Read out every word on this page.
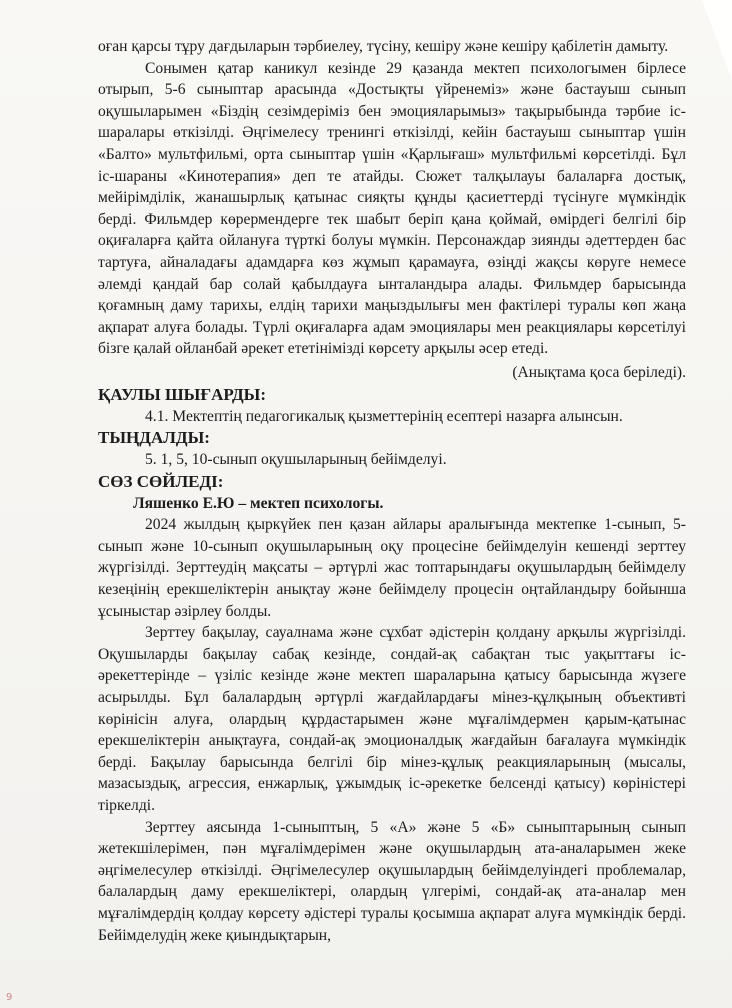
оған қарсы тұру дағдыларын тәрбиелеу, түсіну, кешіру және кешіру қабілетін дамыту.

Сонымен қатар каникул кезінде 29 қазанда мектеп психологымен бірлесе отырып, 5-6 сыныптар арасында «Достықты үйренеміз» және бастауыш сынып оқушыларымен «Біздің сезімдеріміз бен эмоцияларымыз» тақырыбында тәрбие іс-шаралары өткізілді. Әңгімелесу тренингі өткізілді, кейін бастауыш сыныптар үшін «Балто» мультфильмі, орта сыныптар үшін «Қарлығаш» мультфильмі көрсетілді. Бұл іс-шараны «Кинотерапия» деп те атайды. Сюжет талқылауы балаларға достық, мейірімділік, жанашырлық қатынас сияқты құнды қасиеттерді түсінуге мүмкіндік берді. Фильмдер көрермендерге тек шабыт беріп қана қоймай, өмірдегі белгілі бір оқиғаларға қайта ойлануға түрткі болуы мүмкін. Персонаждар зиянды әдеттерден бас тартуға, айналадағы адамдарға көз жұмып қарамауға, өзіңді жақсы көруге немесе әлемді қандай бар солай қабылдауға ынталандыра алады. Фильмдер барысында қоғамның даму тарихы, елдің тарихи маңыздылығы мен фактілері туралы көп жаңа ақпарат алуға болады. Түрлі оқиғаларға адам эмоциялары мен реакциялары көрсетілуі бізге қалай ойланбай әрекет ететінімізді көрсету арқылы әсер етеді.

(Анықтама қоса беріледі).

ҚАУЛЫ ШЫҒАРДЫ:

4.1. Мектептің педагогикалық қызметтерінің есептері назарға алынсын.

ТЫҢДАЛДЫ:

5. 1, 5, 10-сынып оқушыларының бейімделуі.

СӨЗ СӨЙЛЕДІ:

Ляшенко Е.Ю – мектеп психологы.

2024 жылдың қыркүйек пен қазан айлары аралығында мектепке 1-сынып, 5-сынып және 10-сынып оқушыларының оқу процесіне бейімделуін кешенді зерттеу жүргізілді. Зерттеудің мақсаты – әртүрлі жас топтарындағы оқушылардың бейімделу кезеңінің ерекшеліктерін анықтау және бейімделу процесін оңтайландыру бойынша ұсыныстар әзірлеу болды.

Зерттеу бақылау, сауалнама және сұхбат әдістерін қолдану арқылы жүргізілді. Оқушыларды бақылау сабақ кезінде, сондай-ақ сабақтан тыс уақыттағы іс-әрекеттерінде – үзіліс кезінде және мектеп шараларына қатысу барысында жүзеге асырылды. Бұл балалардың әртүрлі жағдайлардағы мінез-құлқының объективті көрінісін алуға, олардың құрдастарымен және мұғалімдермен қарым-қатынас ерекшеліктерін анықтауға, сондай-ақ эмоционалдық жағдайын бағалауға мүмкіндік берді. Бақылау барысында белгілі бір мінез-құлық реакцияларының (мысалы, мазасыздық, агрессия, енжарлық, ұжымдық іс-әрекетке белсенді қатысу) көріністері тіркелді.

Зерттеу аясында 1-сыныптың, 5 «А» және 5 «Б» сыныптарының сынып жетекшілерімен, пән мұғалімдерімен және оқушылардың ата-аналарымен жеке әңгімелесулер өткізілді. Әңгімелесулер оқушылардың бейімделуіндегі проблемалар, балалардың даму ерекшеліктері, олардың үлгерімі, сондай-ақ ата-аналар мен мұғалімдердің қолдау көрсету әдістері туралы қосымша ақпарат алуға мүмкіндік берді. Бейімделудің жеке қиындықтарын,

9
